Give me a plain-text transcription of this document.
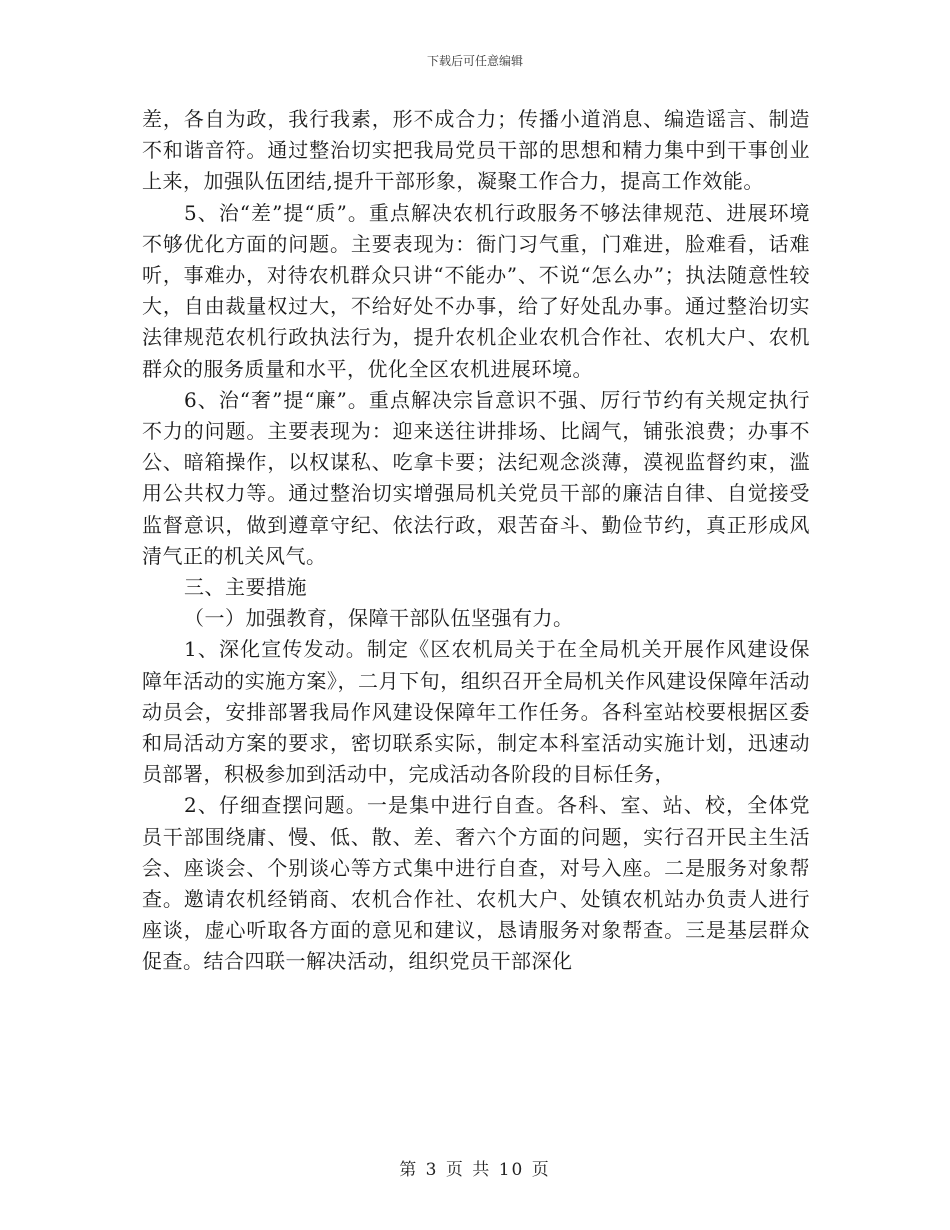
下载后可任意编辑

差，各自为政，我行我素，形不成合力；传播小道消息、编造谣言、制造不和谐音符。通过整治切实把我局党员干部的思想和精力集中到干事创业上来，加强队伍团结,提升干部形象，凝聚工作合力，提高工作效能。

5、治“差”提“质”。重点解决农机行政服务不够法律规范、进展环境不够优化方面的问题。主要表现为：衙门习气重，门难进，脸难看，话难听，事难办，对待农机群众只讲“不能办”、不说“怎么办”；执法随意性较大，自由裁量权过大，不给好处不办事，给了好处乱办事。通过整治切实法律规范农机行政执法行为，提升农机企业农机合作社、农机大户、农机群众的服务质量和水平，优化全区农机进展环境。

6、治“奢”提“廉”。重点解决宗旨意识不强、厉行节约有关规定执行不力的问题。主要表现为：迎来送往讲排场、比阔气，铺张浪费；办事不公、暗箱操作，以权谋私、吃拿卡要；法纪观念淡薄，漠视监督约束，滥用公共权力等。通过整治切实增强局机关党员干部的廉洁自律、自觉接受监督意识，做到遵章守纪、依法行政，艰苦奋斗、勤俭节约，真正形成风清气正的机关风气。

三、主要措施

（一）加强教育，保障干部队伍坚强有力。

1、深化宣传发动。制定《区农机局关于在全局机关开展作风建设保障年活动的实施方案》，二月下旬，组织召开全局机关作风建设保障年活动动员会，安排部署我局作风建设保障年工作任务。各科室站校要根据区委和局活动方案的要求，密切联系实际，制定本科室活动实施计划，迅速动员部署，积极参加到活动中，完成活动各阶段的目标任务，

2、仔细查摆问题。一是集中进行自查。各科、室、站、校，全体党员干部围绕庸、慢、低、散、差、奢六个方面的问题，实行召开民主生活会、座谈会、个别谈心等方式集中进行自查，对号入座。二是服务对象帮查。邀请农机经销商、农机合作社、农机大户、处镇农机站办负责人进行座谈，虚心听取各方面的意见和建议，恳请服务对象帮查。三是基层群众促查。结合四联一解决活动，组织党员干部深化

第 3 页 共 10 页
